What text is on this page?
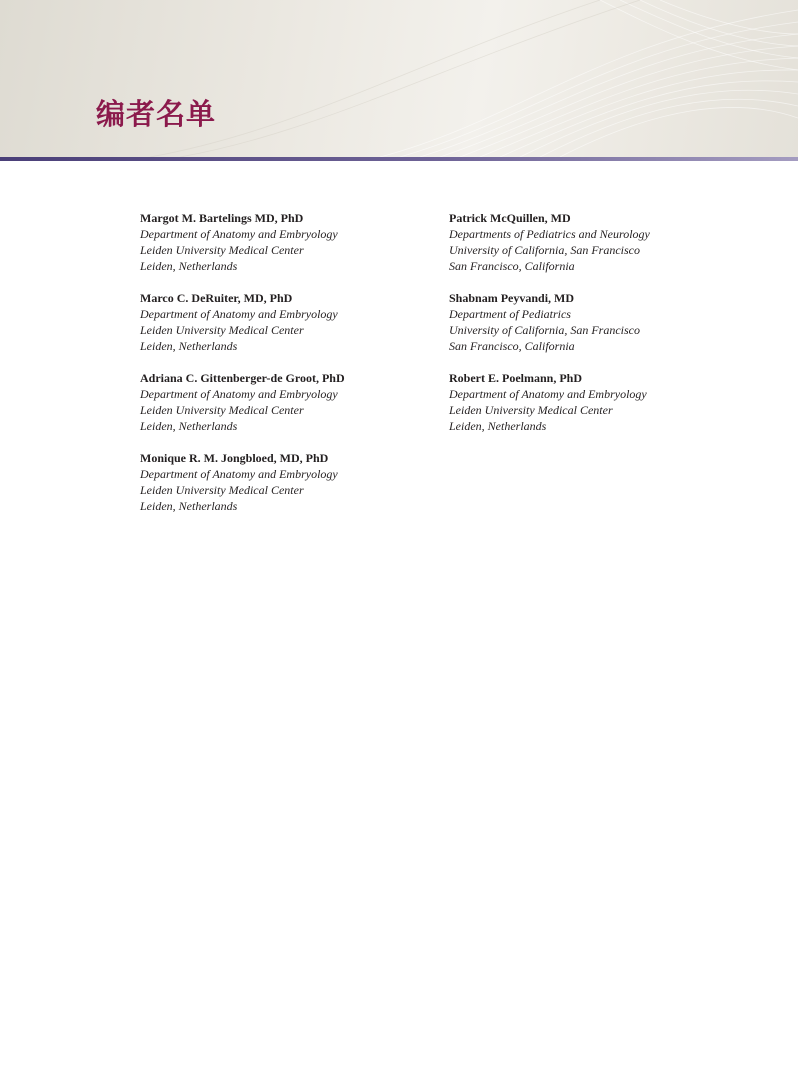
编者名单
Margot M. Bartelings MD, PhD
Department of Anatomy and Embryology
Leiden University Medical Center
Leiden, Netherlands
Marco C. DeRuiter, MD, PhD
Department of Anatomy and Embryology
Leiden University Medical Center
Leiden, Netherlands
Adriana C. Gittenberger-de Groot, PhD
Department of Anatomy and Embryology
Leiden University Medical Center
Leiden, Netherlands
Monique R. M. Jongbloed, MD, PhD
Department of Anatomy and Embryology
Leiden University Medical Center
Leiden, Netherlands
Patrick McQuillen, MD
Departments of Pediatrics and Neurology
University of California, San Francisco
San Francisco, California
Shabnam Peyvandi, MD
Department of Pediatrics
University of California, San Francisco
San Francisco, California
Robert E. Poelmann, PhD
Department of Anatomy and Embryology
Leiden University Medical Center
Leiden, Netherlands
